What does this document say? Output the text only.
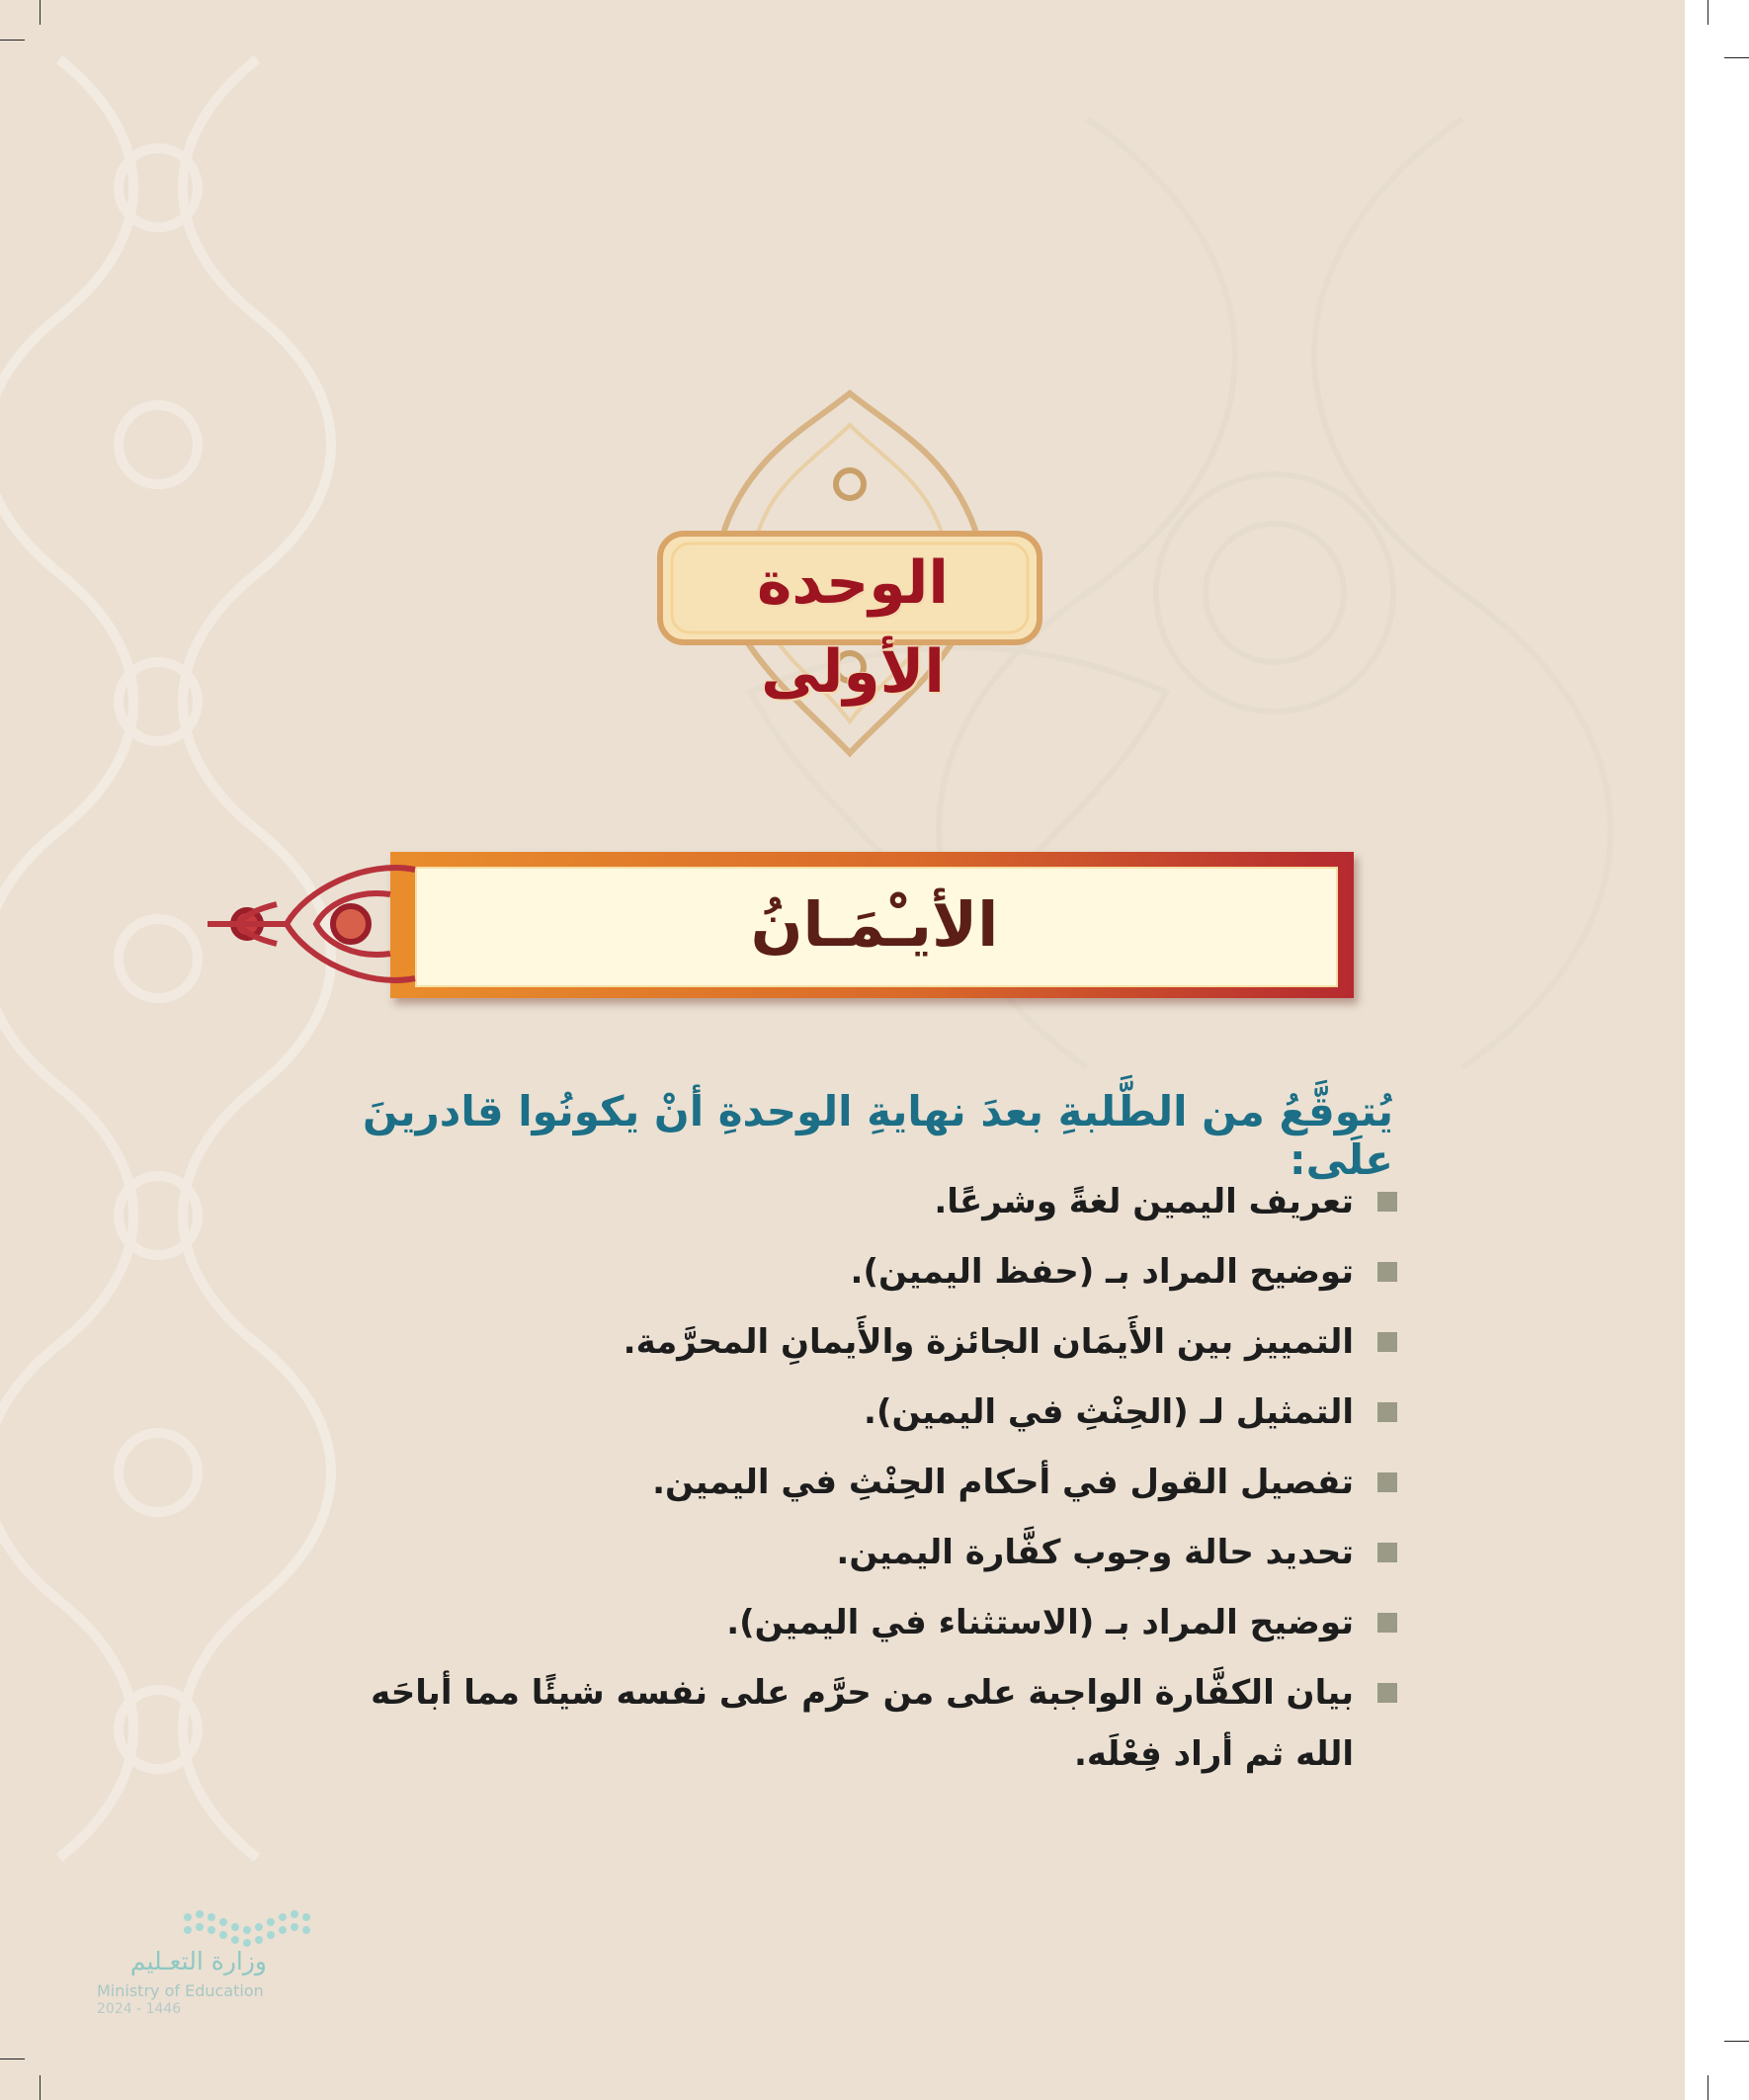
الوحدة الأولى
الأيـْمَـانُ
يُتوقَّعُ من الطَّلبةِ بعدَ نهايةِ الوحدةِ أنْ يكونُوا قادرينَ علَى:
تعريف اليمين لغةً وشرعًا.
توضيح المراد بـ (حفظ اليمين).
التمييز بين الأَيمَان الجائزة والأَيمانِ المحرَّمة.
التمثيل لـ (الحِنْثِ في اليمين).
تفصيل القول في أحكام الحِنْثِ في اليمين.
تحديد حالة وجوب كفَّارة اليمين.
توضيح المراد بـ (الاستثناء في اليمين).
بيان الكفَّارة الواجبة على من حرَّم على نفسه شيئًا مما أباحَه الله ثم أراد فِعْلَه.
وزارة التعـليم
Ministry of Education
2024 - 1446
